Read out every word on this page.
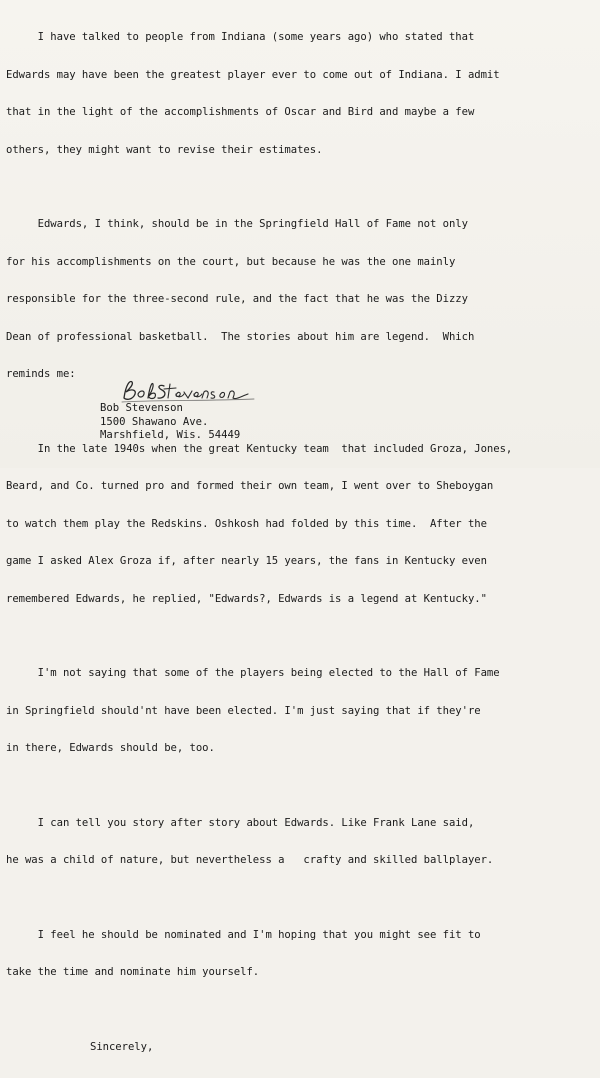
I have talked to people from Indiana (some years ago) who stated that

Edwards may have been the greatest player ever to come out of Indiana. I admit

that in the light of the accomplishments of Oscar and Bird and maybe a few

others, they might want to revise their estimates.

Edwards, I think, should be in the Springfield Hall of Fame not only

for his accomplishments on the court, but because he was the one mainly

responsible for the three-second rule, and the fact that he was the Dizzy

Dean of professional basketball.  The stories about him are legend.  Which

reminds me:

In the late 1940s when the great Kentucky team  that included Groza, Jones,

Beard, and Co. turned pro and formed their own team, I went over to Sheboygan

to watch them play the Redskins. Oshkosh had folded by this time.  After the

game I asked Alex Groza if, after nearly 15 years, the fans in Kentucky even

remembered Edwards, he replied, "Edwards?, Edwards is a legend at Kentucky."

I'm not saying that some of the players being elected to the Hall of Fame

in Springfield should'nt have been elected. I'm just saying that if they're

in there, Edwards should be, too.

I can tell you story after story about Edwards. Like Frank Lane said,

he was a child of nature, but nevertheless a   crafty and skilled ballplayer.

I feel he should be nominated and I'm hoping that you might see fit to

take the time and nominate him yourself.

Sincerely,

Bob Stevenson
1500 Shawano Ave.
Marshfield, Wis. 54449
